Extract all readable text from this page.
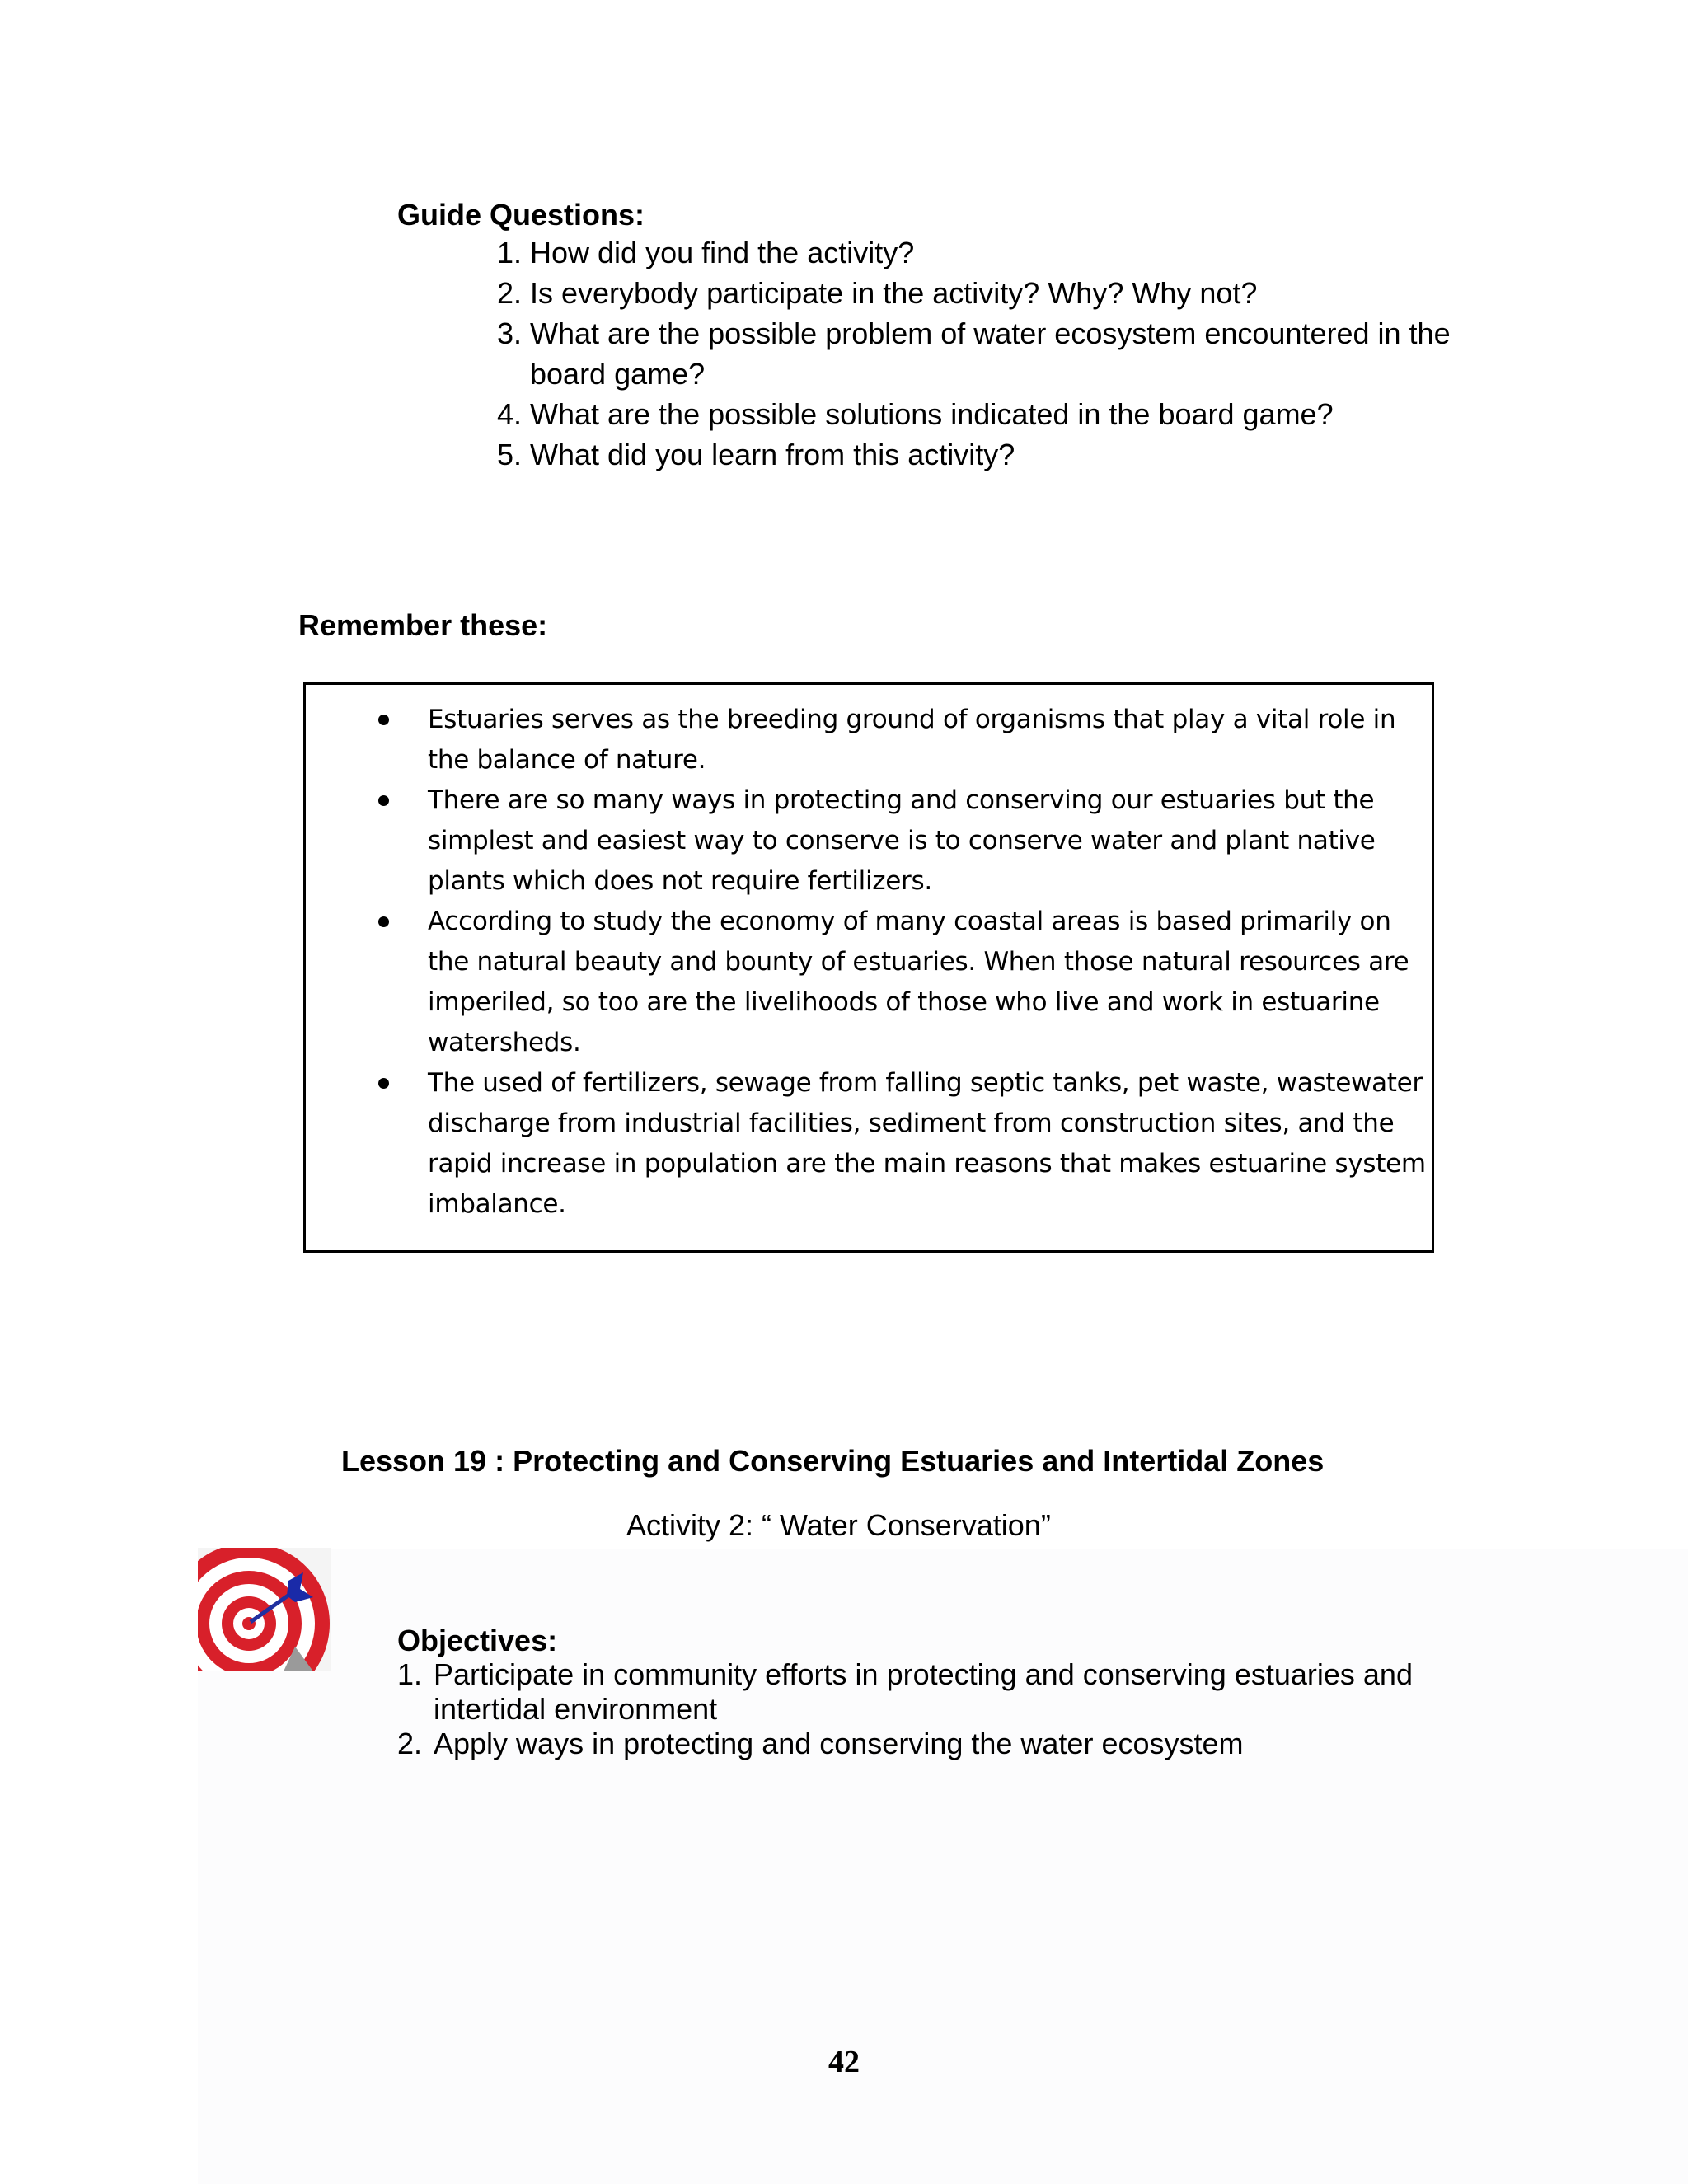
Guide Questions:
1. How did you find the activity?
2. Is everybody participate in the activity? Why? Why not?
3. What are the possible problem of water ecosystem encountered in the board game?
4. What are the possible solutions indicated in the board game?
5. What did you learn from this activity?
Remember these:
Estuaries serves as the breeding ground of organisms that play a vital role in the balance of nature.
There are so many ways in protecting and conserving our estuaries but the simplest and easiest way to conserve is to conserve water and plant native plants which does not require fertilizers.
According to study the economy of many coastal areas is based primarily on the natural beauty and bounty of estuaries. When those natural resources are imperiled, so too are the livelihoods of those who live and work in estuarine watersheds.
The used of fertilizers, sewage from falling septic tanks, pet waste, wastewater discharge from industrial facilities, sediment from construction sites, and the rapid increase in population are the main reasons that makes estuarine system imbalance.
Lesson 19 : Protecting and Conserving Estuaries and Intertidal Zones
Activity 2: “ Water Conservation”
Objectives:
1. Participate in community efforts in protecting and conserving estuaries and intertidal environment
2. Apply ways in protecting and conserving the water ecosystem
42
